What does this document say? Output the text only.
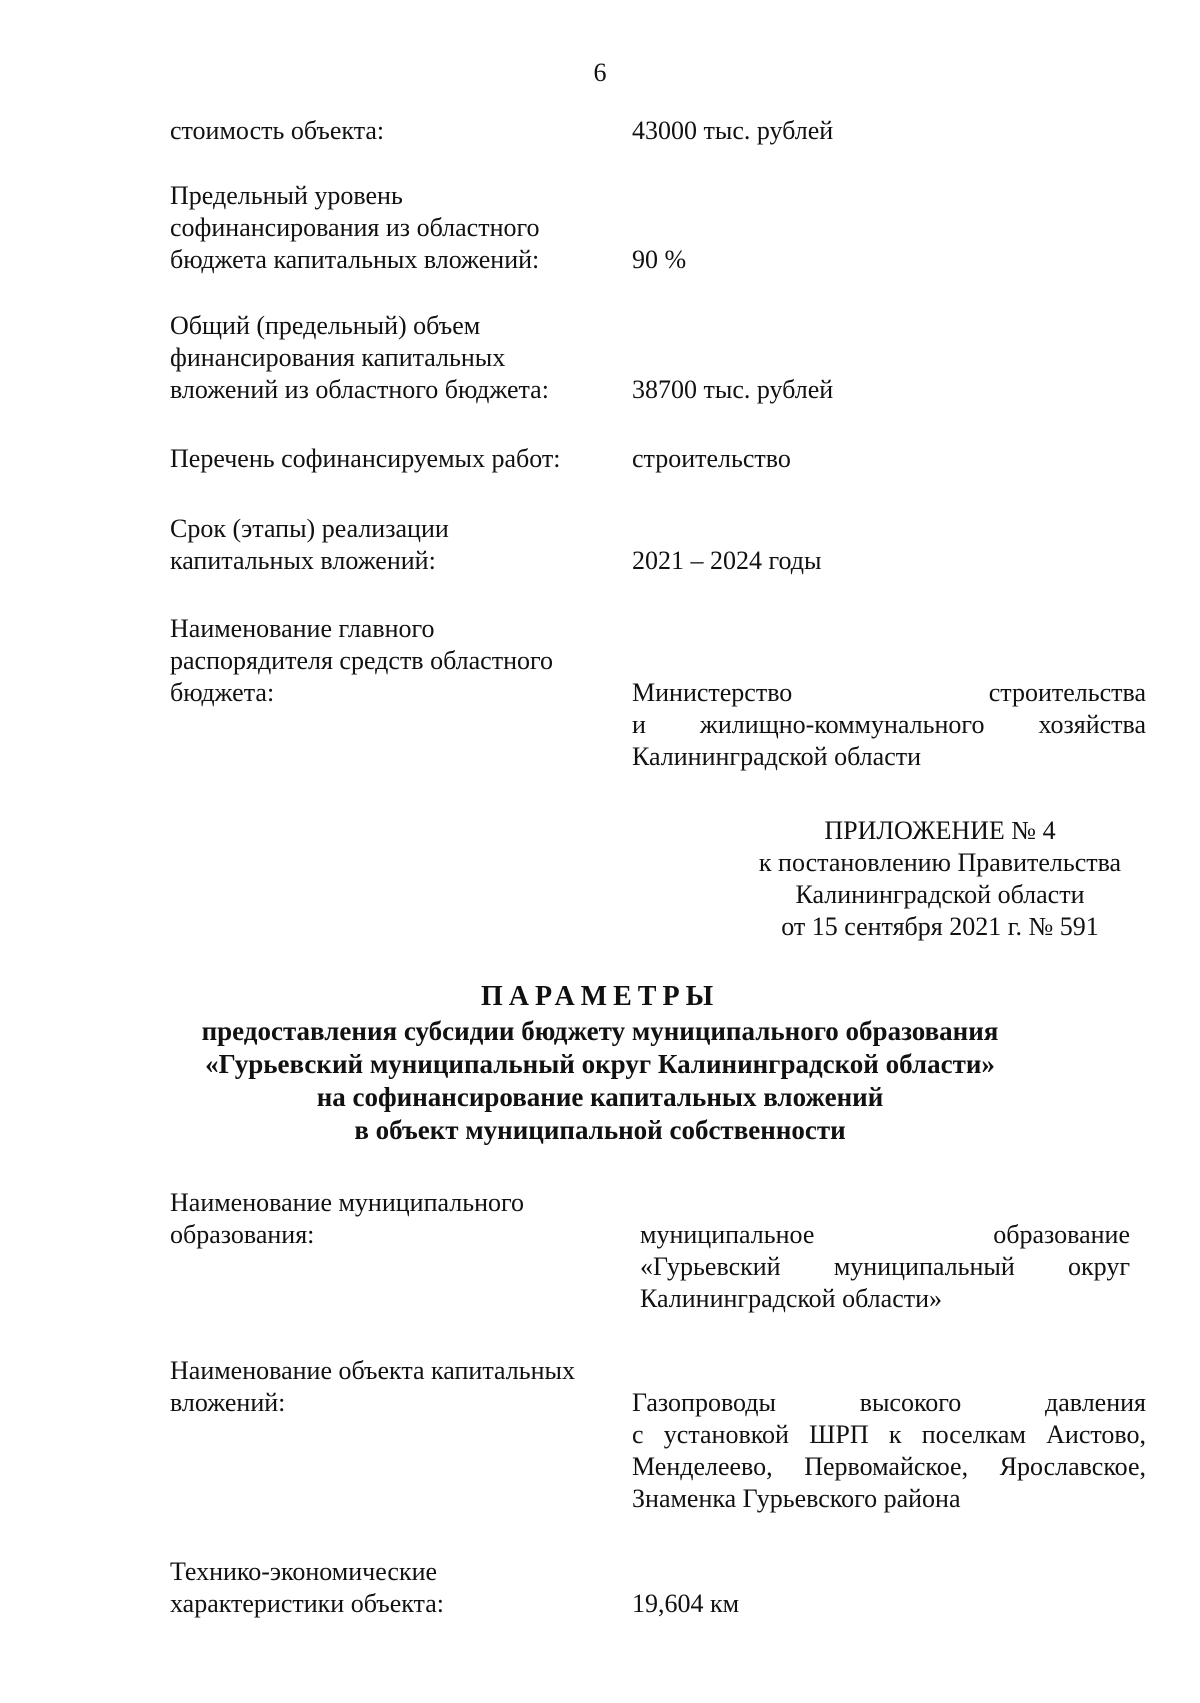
6
стоимость объекта:	43000 тыс. рублей
Предельный уровень
софинансирования из областного
бюджета капитальных вложений:	90 %
Общий (предельный) объем
финансирования капитальных
вложений из областного бюджета:	38700 тыс. рублей
Перечень софинансируемых работ:	строительство
Срок (этапы) реализации
капитальных вложений:	2021 – 2024 годы
Наименование главного
распорядителя средств областного
бюджета:	Министерство строительства
и жилищно-коммунального хозяйства
Калининградской области
ПРИЛОЖЕНИЕ № 4
к постановлению Правительства
Калининградской области
от 15 сентября 2021 г. № 591
ПАРАМЕТРЫ
предоставления субсидии бюджету муниципального образования
«Гурьевский муниципальный округ Калининградской области»
на софинансирование капитальных вложений
в объект муниципальной собственности
Наименование муниципального
образования:	муниципальное образование
«Гурьевский муниципальный округ
Калининградской области»
Наименование объекта капитальных
вложений:	Газопроводы высокого давления
с установкой ШРП к поселкам Аистово,
Менделеево, Первомайское, Ярославское,
Знаменка Гурьевского района
Технико-экономические
характеристики объекта:	19,604 км
